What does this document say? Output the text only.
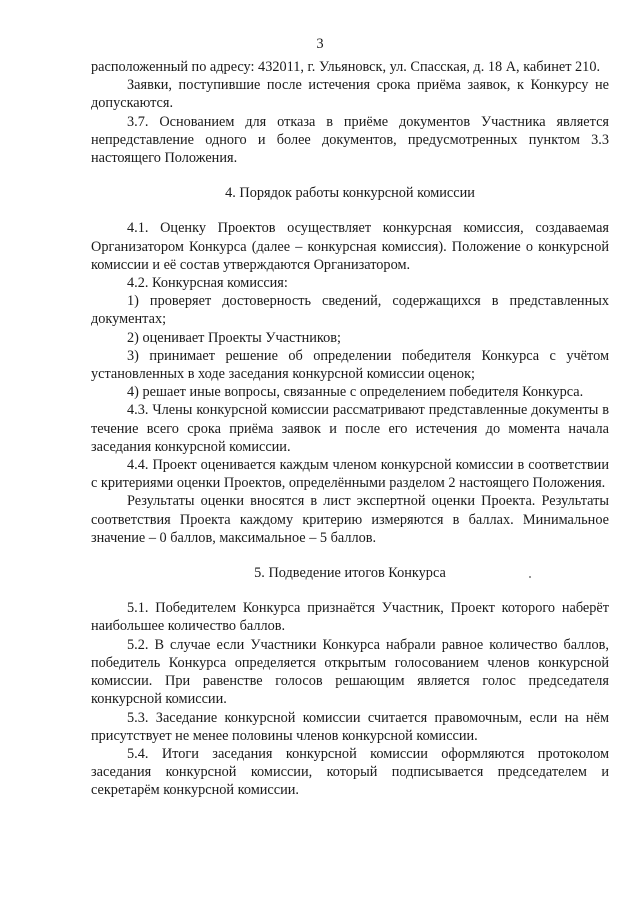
3

расположенный по адресу: 432011, г. Ульяновск, ул. Спасская, д. 18 А, кабинет 210.

Заявки, поступившие после истечения срока приёма заявок, к Конкурсу не допускаются.

3.7. Основанием для отказа в приёме документов Участника является непредставление одного и более документов, предусмотренных пунктом 3.3 настоящего Положения.

4. Порядок работы конкурсной комиссии

4.1. Оценку Проектов осуществляет конкурсная комиссия, создаваемая Организатором Конкурса (далее – конкурсная комиссия). Положение о конкурсной комиссии и её состав утверждаются Организатором.

4.2. Конкурсная комиссия:

1) проверяет достоверность сведений, содержащихся в представленных документах;

2) оценивает Проекты Участников;

3) принимает решение об определении победителя Конкурса с учётом установленных в ходе заседания конкурсной комиссии оценок;

4) решает иные вопросы, связанные с определением победителя Конкурса.

4.3. Члены конкурсной комиссии рассматривают представленные документы в течение всего срока приёма заявок и после его истечения до момента начала заседания конкурсной комиссии.

4.4. Проект оценивается каждым членом конкурсной комиссии в соответствии с критериями оценки Проектов, определёнными разделом 2 настоящего Положения.

Результаты оценки вносятся в лист экспертной оценки Проекта. Результаты соответствия Проекта каждому критерию измеряются в баллах. Минимальное значение – 0 баллов, максимальное – 5 баллов.

5. Подведение итогов Конкурса

5.1. Победителем Конкурса признаётся Участник, Проект которого наберёт наибольшее количество баллов.

5.2. В случае если Участники Конкурса набрали равное количество баллов, победитель Конкурса определяется открытым голосованием членов конкурсной комиссии. При равенстве голосов решающим является голос председателя конкурсной комиссии.

5.3. Заседание конкурсной комиссии считается правомочным, если на нём присутствует не менее половины членов конкурсной комиссии.

5.4. Итоги заседания конкурсной комиссии оформляются протоколом заседания конкурсной комиссии, который подписывается председателем и секретарём конкурсной комиссии.
